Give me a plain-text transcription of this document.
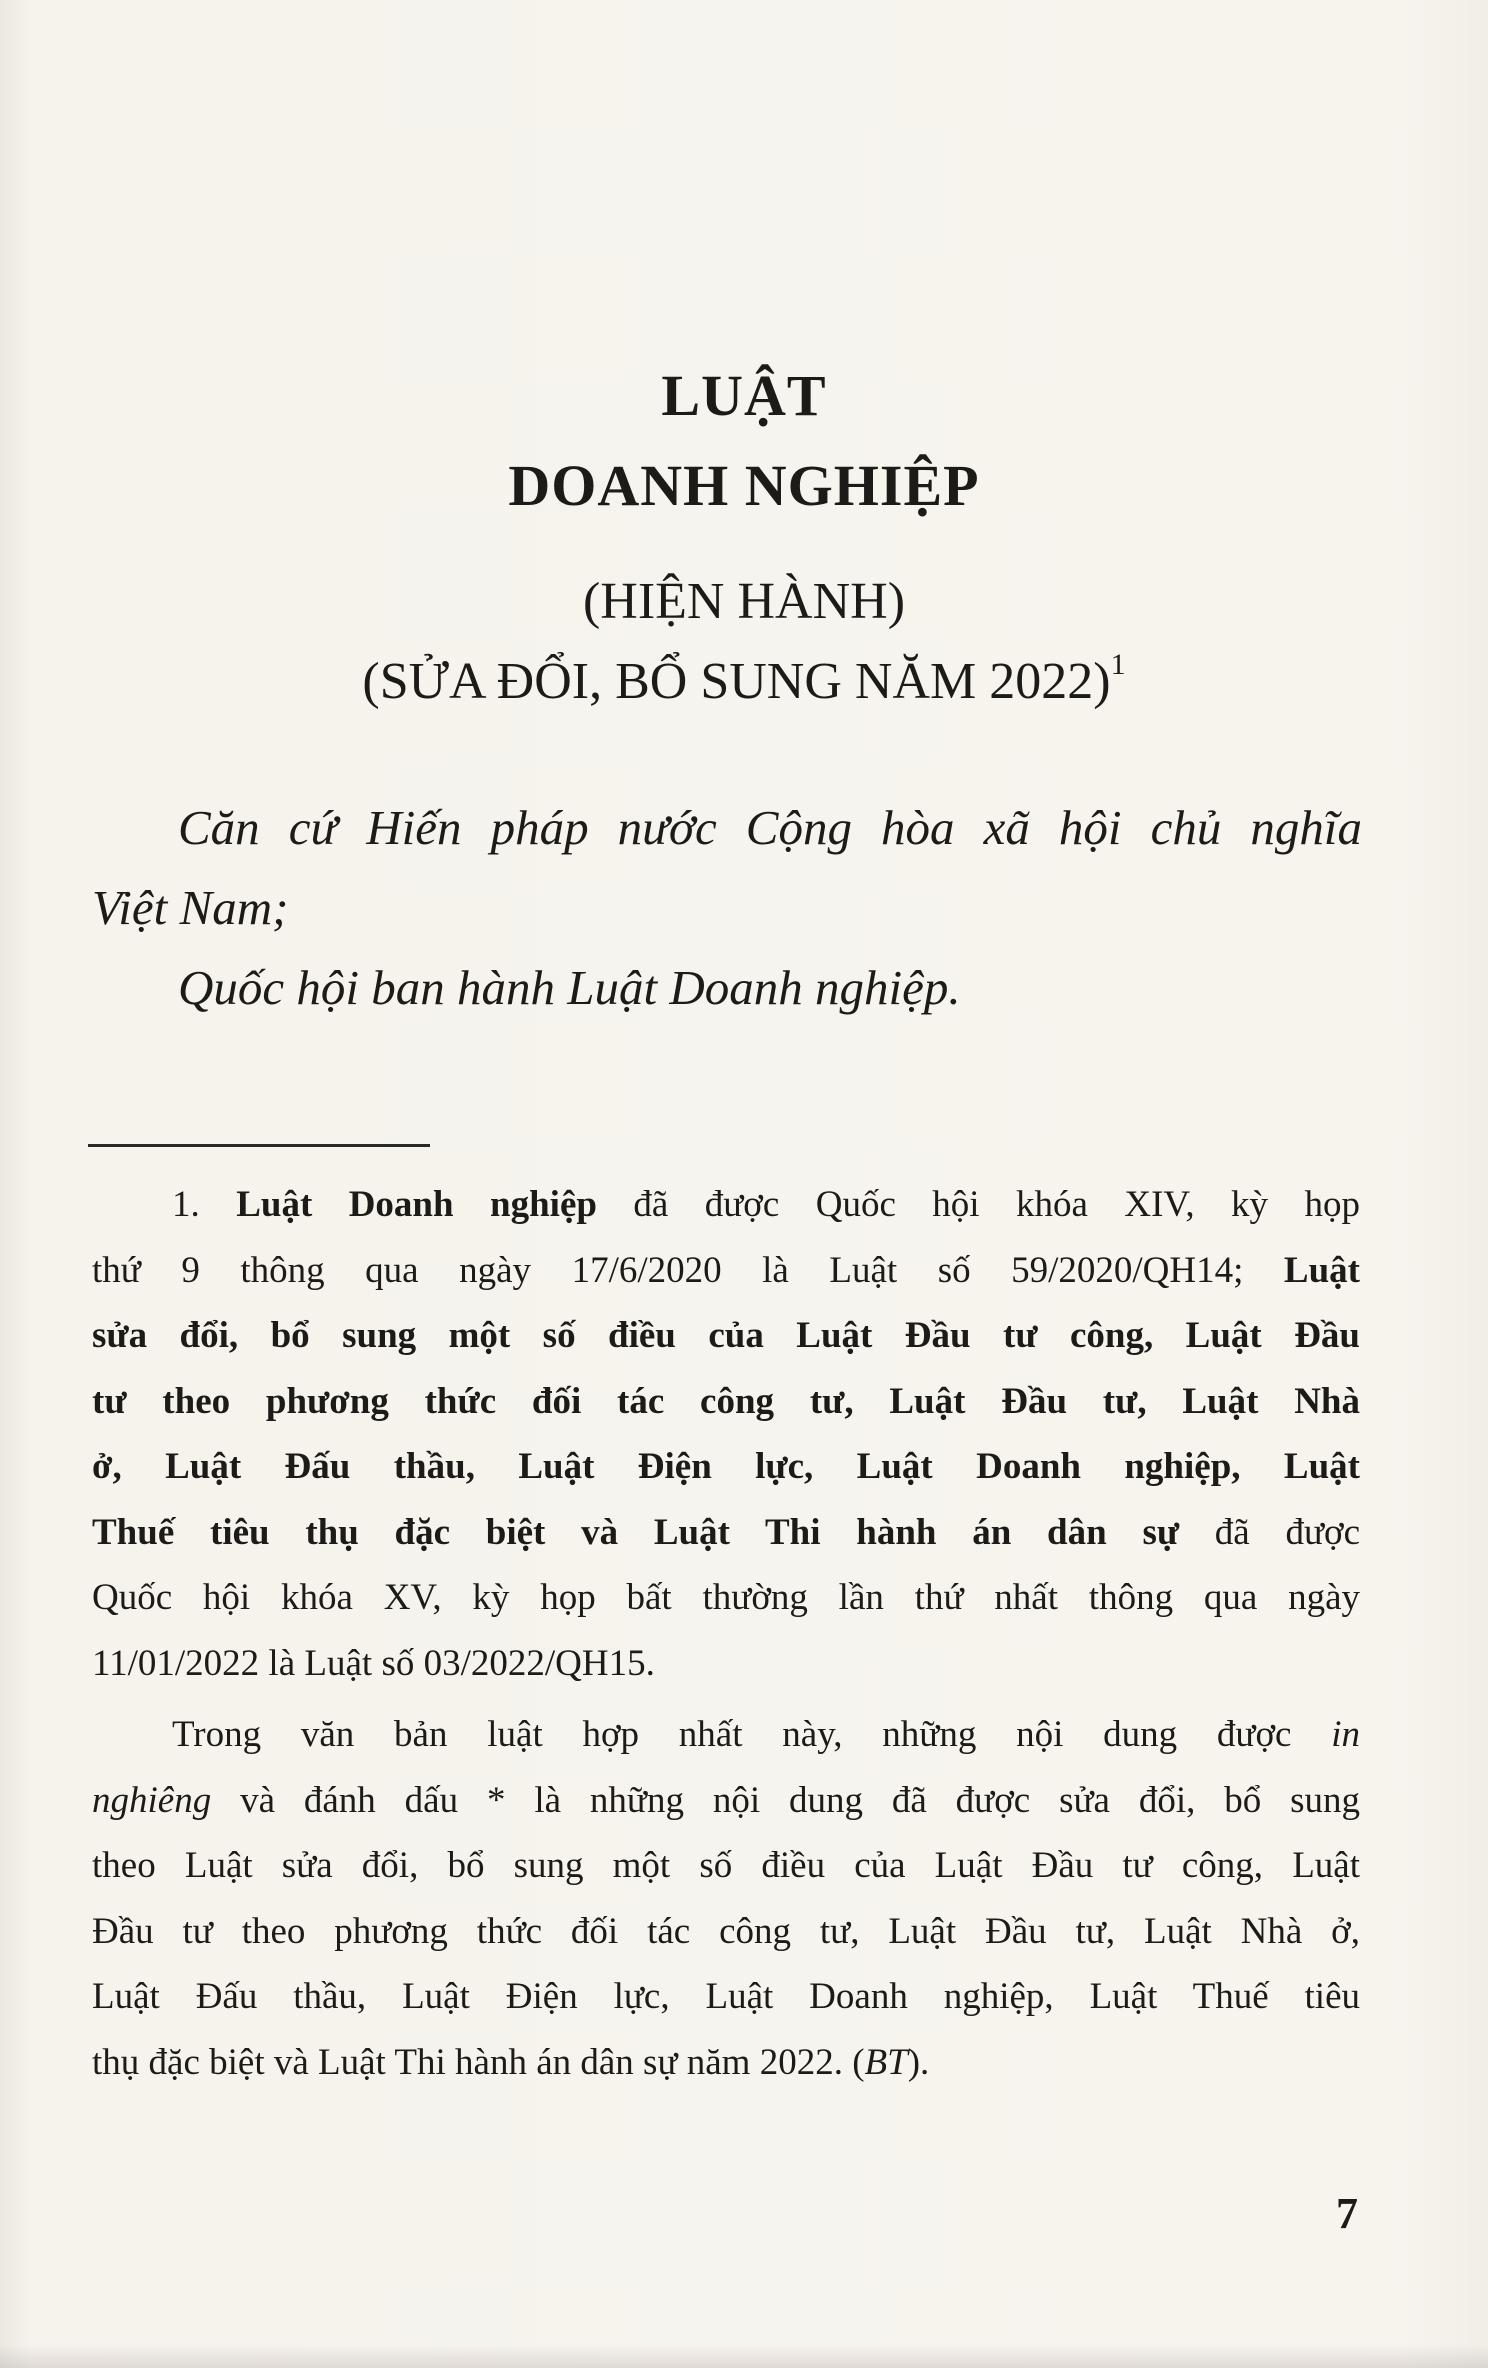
LUẬT
DOANH NGHIỆP

(HIỆN HÀNH)

(SỬA ĐỔI, BỔ SUNG NĂM 2022)$^1$

Căn cứ Hiến pháp nước Cộng hòa xã hội chủ nghĩa

Việt Nam;

Quốc hội ban hành Luật Doanh nghiệp.

1. Luật Doanh nghiệp đã được Quốc hội khóa XIV, kỳ họp
thứ 9 thông qua ngày 17/6/2020 là Luật số 59/2020/QH14; Luật
sửa đổi, bổ sung một số điều của Luật Đầu tư công, Luật Đầu
tư theo phương thức đối tác công tư, Luật Đầu tư, Luật Nhà
ở, Luật Đấu thầu, Luật Điện lực, Luật Doanh nghiệp, Luật
Thuế tiêu thụ đặc biệt và Luật Thi hành án dân sự đã được
Quốc hội khóa XV, kỳ họp bất thường lần thứ nhất thông qua ngày
11/01/2022 là Luật số 03/2022/QH15.
Trong văn bản luật hợp nhất này, những nội dung được in
nghiêng và đánh dấu * là những nội dung đã được sửa đổi, bổ sung
theo Luật sửa đổi, bổ sung một số điều của Luật Đầu tư công, Luật
Đầu tư theo phương thức đối tác công tư, Luật Đầu tư, Luật Nhà ở,
Luật Đấu thầu, Luật Điện lực, Luật Doanh nghiệp, Luật Thuế tiêu
thụ đặc biệt và Luật Thi hành án dân sự năm 2022. (BT).

7
